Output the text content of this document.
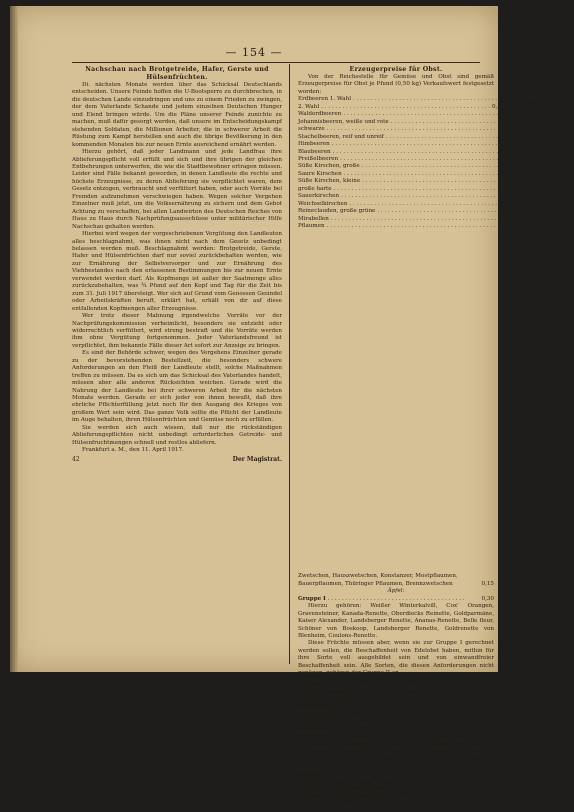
— 154 —
Nachschau nach Brotgetreide, Hafer, Gerste und Hülsenfrüchten.

Di. nächsten Monate werden über das Schicksal Deutschlands entscheiden. Unsere Feinde hoffen die U-Bootsperre zu durchbrechen, in die deutschen Lande einzudringen und uns zu einem Frieden zu zwingen, der dem Vaterlande Schande und jedem einzelnen Deutschen Hunger und Elend bringen würde. Um die Pläne unserer Feinde zunichte zu machen, muß dafür gesorgt werden, daß unsere im Entscheidungskampf stehenden Soldaten, die Millionen Arbeiter, die in schwerer Arbeit die Rüstung zum Kampf herstellen und auch die übrige Bevölkerung in den kommenden Monaten bis zur neuen Ernte ausreichend ernährt werden.

Hierzu gehört, daß jeder Landmann und jede Landfrau ihre Ablieferungspflicht voll erfüllt und sich und ihre übrigen der gleichen Entbehrungen unterwerfen, die wie die Stadtbewohner ertragen müssen. Leider sind Fälle bekannt geworden, in denen Landleute die rechte und höchste Erzeugnisse, zu deren Ablieferung sie verpflichtet waren, dem Gesetz entzogen, verbraucht und verfüttert haben, oder auch Vorräte bei Fremden aufzunehmen verschwiegen haben. Wegen solcher Vergehen Einzelner muß jetzt, um die Volksernährung zu sichern und dem Gebot Achtung zu verschaffen, bei allen Landwirten des Deutschen Reiches von Haus zu Haus durch Nachprüfungsausschüsse unter militärischer Hilfe Nachschau gehalten werden.

Hierbei wird wegen der vorgeschriebenen Vergütung den Landleuten alles beschlagnahmt, was ihnen nicht nach dem Gesetz unbedingt belassen werden muß. Beschlagnahmt werden: Brotgetreide, Gerste, Hafer und Hülsenfrüchten darf nur soviel zurückbehalten werden, wie zur Ernährung der Selbstversorger und zur Ernährung des Viehbestandes nach den erlassenen Bestimmungen bis zur neuen Ernte verwendet werden darf. Als Kopfmenge ist außer der Saatmenge alles zurückzubehalten, was ¾ Pfund auf den Kopf und Tag für die Zeit bis zum 31. Juli 1917 übersteigt. Wer sich auf Grund vom Genossen Gesindel oder Arbeitskräften beruft, erklärt hat, erhält von dir auf diese entfallenden Kopfmengen aller Erzeugnisse.

Wer trotz dieser Mahnung irgendwelche Vorräte vor der Nachprüfungskommission verheimlicht, besonders sie entzieht oder widerrechtlich verfüttert, wird streng bestraft und die Vorräte werden ihm ohne Vergütung fortgenommen. Jeder Vaterlandsfreund ist verpflichtet, ihm bekannte Fälle dieser Art sofort zur Anzeige zu bringen.

Es sind der Behörde schwer, wegen des Vergehens Einzelner gerade zu der bevorstehenden Bestellzeit, die besonders schwere Anforderungen an den Fleiß der Landleute stellt, solche Maßnahmen treffen zu müssen. Da es sich um das Schicksal des Vaterlandes handelt, müssen aber alle anderen Rücksichten weichen. Gerade wird die Nahrung der Landleute bei ihrer schweren Arbeit für die nächsten Monate werden. Gerade er sich jeder von ihnen bewußt, daß ihre ehrliche Pflichterfüllung jetzt noch für den Ausgang des Krieges von großem Wert sein wird. Das ganze Volk sollte die Pflicht der Landleute im Auge behalten, ihren Hülsenfrüchten und Gemüse noch zu erfüllen.

Sie werden sich auch wissen, daß nur die rückständigen Ablieferungspflichten nicht unbedingt erforderlichen Getreide- und Hülsenfruchtmengen schnell und restlos abliefern.

Frankfurt a. M., den 11. April 1917.
42	Der Magistrat.
Erzeugerpreise für Obst.

Von der Reichsstelle für Gemüse und Obst sind gemäß Erzeugerpreise für Obst je Pfund (0,50 kg) Verkaufswert festgesetzt worden:

Erdbeeren 1. Wahl . . .	0,60
2. Wahl . . .	0,40
Walderdbeeren . . .	0,75
Johannisbeeren, weiße und rote . . .	0,25
schwarze . . .	0,35
Stachelbeeren, reif und unreif . . .	0,20
Himbeeren . . .	0,45
Blaubeeren . . .	0,35
Preißelbeeren . . .	0,35
Süße Kirschen, große . . .	0,35
Saure Kirschen . . .	0,35
Süße Kirschen, kleine . . .	0,25
große harte . . .	0,30
Sauerkirschen . . .	0,35
Weichselkirschen . . .	0,30
Reineclauden, große grüne . . .	0,25
Mirabellen . . .	0,35
Pflaumen . . .	0,15
Zwetschen, Hauszwetschen, Konstanzer, Mostpflaumen, Bauerpflaumen, Thüringer Pflaumen, Brennzwetschen	0,15
Äpfel:
Gruppe I . . .	0,30

Hierzu gehören: Weißer Winterkalvill, Cox' Orangen, Gravensteiner, Kanada-Renette, Oberdiecks Reinette, Goldparmäne, Kaiser Alexander, Landsberger Renette, Ananas-Renette, Belle fleur, Schöner von Boskoop, Landsberger Renette, Goldrenette von Blenheim, Coulons-Renette.

Diese Früchte müssen aber, wenn sie zur Gruppe I gerechnet werden sollen, die Beschaffenheit von Edelobst haben, mithin für ihre Sorte voll ausgebildet sein und von einwandfreier Beschaffenheit sein. Alle Sorten, die diesen Anforderungen nicht genügen, gehören der Gruppe II an.

Gruppe II . . .	0,25

Diese Gruppe umfaßt sämtliche Äpfel, soweit sie nicht unter Gruppe I genannt sind oder infolge ihrer Beschaffenheit nicht zu Gruppe I gehören.

Gruppe III . . .	0,15

Zu dieser Gruppe gehören: Alles Schüttelobst, Fallobst und Ausschuß sowie Mostäpfel.

Gruppe IV . . .	0,10

Verkauft ein Erzeuger sein gepflücktes Obst unverpackt, so wie der Baum es gegeben hat, ohne daß er darüber Sortierarbeit geleistet hat, so ist es ohne weiteres sofort Gruppe II zuzurechnen.

Birnen:
Gruppe I . . .	0,30

Diese Gruppe bilden: Gute Louise von Avranches, Williams Christbirne, Clairgeau, Diels Butterbirne, Pastorenbirne, Neue Poiteau, Vereins-Dechantsbirne.

Diese Früchte müssen aber, wenn sie zur Gruppe I gehören sollen, die Beschaffenheit von
